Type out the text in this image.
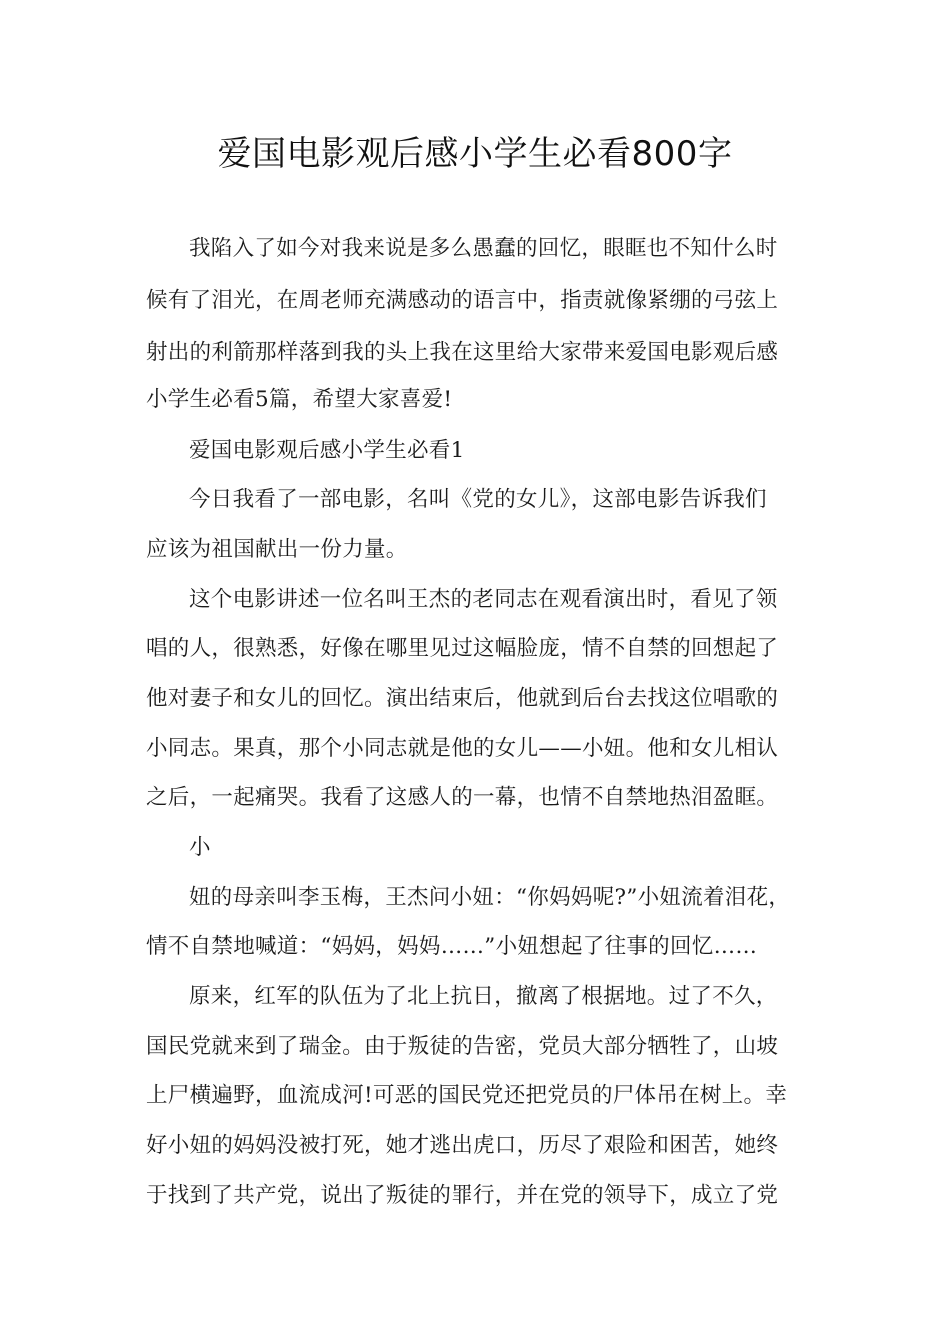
爱国电影观后感小学生必看800字
我陷入了如今对我来说是多么愚蠢的回忆，眼眶也不知什么时
候有了泪光，在周老师充满感动的语言中，指责就像紧绷的弓弦上
射出的利箭那样落到我的头上我在这里给大家带来爱国电影观后感
小学生必看5篇，希望大家喜爱!
爱国电影观后感小学生必看1
今日我看了一部电影，名叫《党的女儿》，这部电影告诉我们
应该为祖国献出一份力量。
这个电影讲述一位名叫王杰的老同志在观看演出时，看见了领
唱的人，很熟悉，好像在哪里见过这幅脸庞，情不自禁的回想起了
他对妻子和女儿的回忆。演出结束后，他就到后台去找这位唱歌的
小同志。果真，那个小同志就是他的女儿——小妞。他和女儿相认
之后，一起痛哭。我看了这感人的一幕，也情不自禁地热泪盈眶。
小
妞的母亲叫李玉梅，王杰问小妞：“你妈妈呢?”小妞流着泪花，
情不自禁地喊道：“妈妈，妈妈……”小妞想起了往事的回忆……
原来，红军的队伍为了北上抗日，撤离了根据地。过了不久，
国民党就来到了瑞金。由于叛徒的告密，党员大部分牺牲了，山坡
上尸横遍野，血流成河!可恶的国民党还把党员的尸体吊在树上。幸
好小妞的妈妈没被打死，她才逃出虎口，历尽了艰险和困苦，她终
于找到了共产党，说出了叛徒的罪行，并在党的领导下，成立了党
